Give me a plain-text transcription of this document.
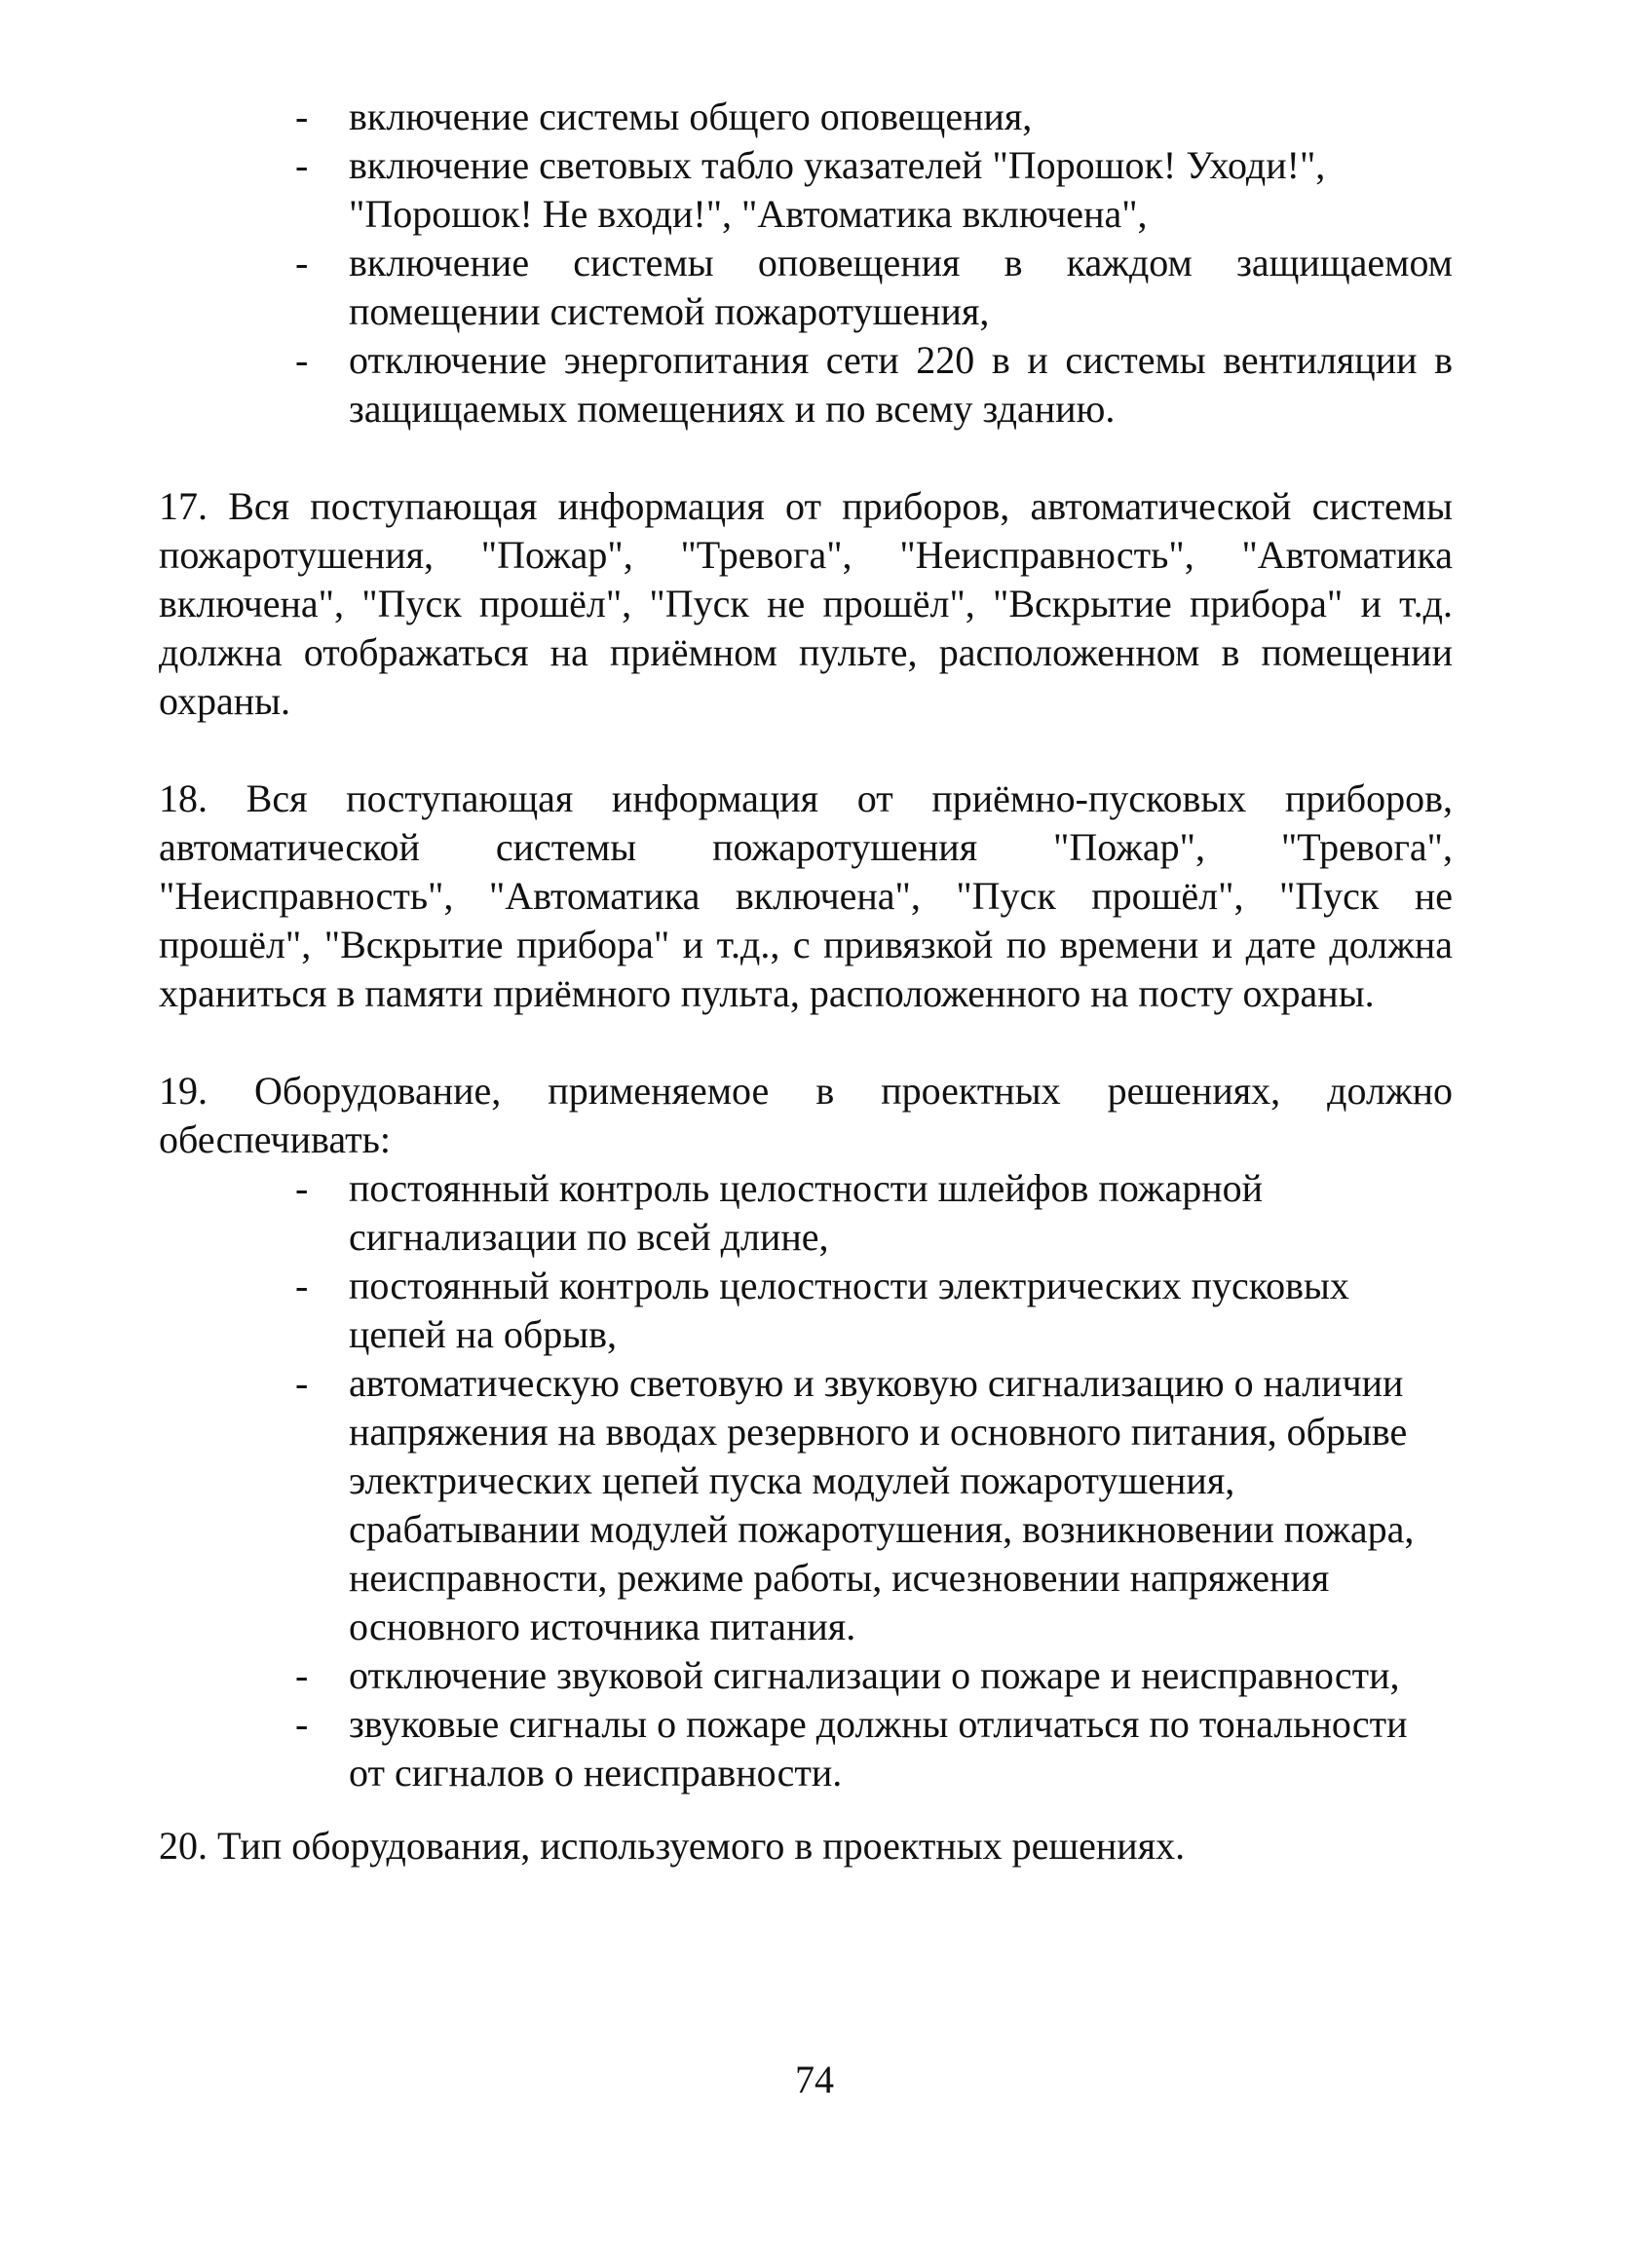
- включение системы общего оповещения,
- включение световых табло указателей "Порошок! Уходи!", "Порошок! Не входи!", "Автоматика включена",
- включение системы оповещения в каждом защищаемом помещении системой пожаротушения,
- отключение энергопитания сети 220 в и системы вентиляции в защищаемых помещениях и по всему зданию.

17. Вся поступающая информация от приборов, автоматической системы пожаротушения, "Пожар", "Тревога", "Неисправность", "Автоматика включена", "Пуск прошёл", "Пуск не прошёл", "Вскрытие прибора" и т.д. должна отображаться на приёмном пульте, расположенном в помещении охраны.

18. Вся поступающая информация от приёмно-пусковых приборов, автоматической системы пожаротушения "Пожар", "Тревога", "Неисправность", "Автоматика включена", "Пуск прошёл", "Пуск не прошёл", "Вскрытие прибора" и т.д., с привязкой по времени и дате должна храниться в памяти приёмного пульта, расположенного на посту охраны.

19. Оборудование, применяемое в проектных решениях, должно обеспечивать:

- постоянный контроль целостности шлейфов пожарной сигнализации по всей длине,
- постоянный контроль целостности электрических пусковых цепей на обрыв,
- автоматическую световую и звуковую сигнализацию о наличии напряжения на вводах резервного и основного питания, обрыве электрических цепей пуска модулей пожаротушения, срабатывании модулей пожаротушения, возникновении пожара, неисправности, режиме работы, исчезновении напряжения основного источника питания.
- отключение звуковой сигнализации о пожаре и неисправности,
- звуковые сигналы о пожаре должны отличаться по тональности от сигналов о неисправности.

20. Тип оборудования, используемого в проектных решениях.

74
